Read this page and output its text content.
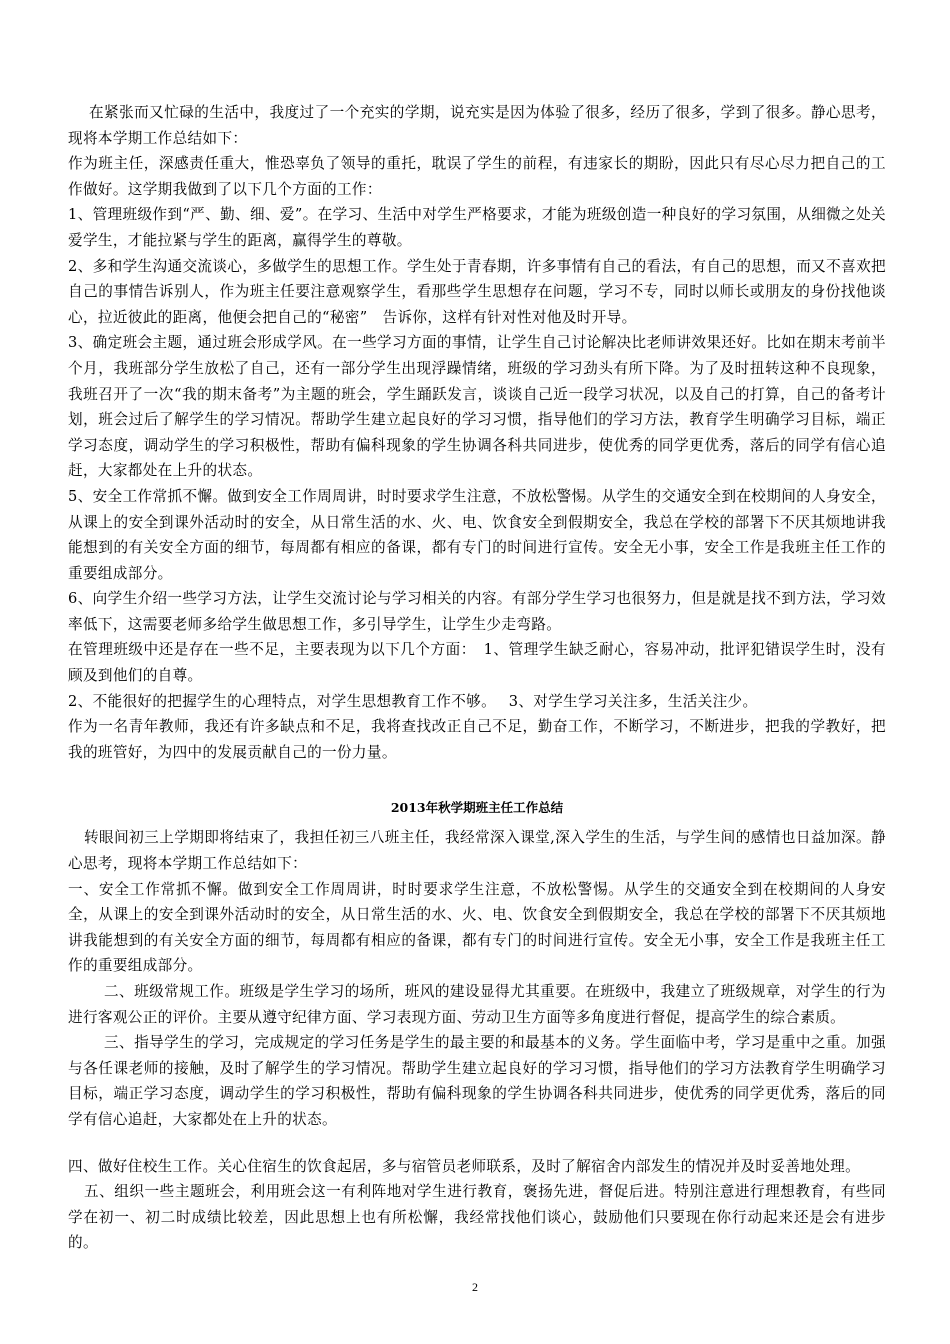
在紧张而又忙碌的生活中，我度过了一个充实的学期，说充实是因为体验了很多，经历了很多，学到了很多。静心思考，现将本学期工作总结如下：

作为班主任，深感责任重大，惟恐辜负了领导的重托，耽误了学生的前程，有违家长的期盼，因此只有尽心尽力把自己的工作做好。这学期我做到了以下几个方面的工作：

1、管理班级作到“严、勤、细、爱”。在学习、生活中对学生严格要求，才能为班级创造一种良好的学习氛围，从细微之处关爱学生，才能拉紧与学生的距离，赢得学生的尊敬。

2、多和学生沟通交流谈心，多做学生的思想工作。学生处于青春期，许多事情有自己的看法，有自己的思想，而又不喜欢把自己的事情告诉别人，作为班主任要注意观察学生，看那些学生思想存在问题，学习不专，同时以师长或朋友的身份找他谈心，拉近彼此的距离，他便会把自己的“秘密”　告诉你，这样有针对性对他及时开导。

3、确定班会主题，通过班会形成学风。在一些学习方面的事情，让学生自己讨论解决比老师讲效果还好。比如在期末考前半个月，我班部分学生放松了自己，还有一部分学生出现浮躁情绪，班级的学习劲头有所下降。为了及时扭转这种不良现象，我班召开了一次“我的期末备考”为主题的班会，学生踊跃发言，谈谈自己近一段学习状况，以及自己的打算，自己的备考计划，班会过后了解学生的学习情况。帮助学生建立起良好的学习习惯，指导他们的学习方法，教育学生明确学习目标，端正学习态度，调动学生的学习积极性，帮助有偏科现象的学生协调各科共同进步，使优秀的同学更优秀，落后的同学有信心追赶，大家都处在上升的状态。

5、安全工作常抓不懈。做到安全工作周周讲，时时要求学生注意，不放松警惕。从学生的交通安全到在校期间的人身安全，从课上的安全到课外活动时的安全，从日常生活的水、火、电、饮食安全到假期安全，我总在学校的部署下不厌其烦地讲我能想到的有关安全方面的细节，每周都有相应的备课，都有专门的时间进行宣传。安全无小事，安全工作是我班主任工作的重要组成部分。

6、向学生介绍一些学习方法，让学生交流讨论与学习相关的内容。有部分学生学习也很努力，但是就是找不到方法，学习效率低下，这需要老师多给学生做思想工作，多引导学生，让学生少走弯路。

在管理班级中还是存在一些不足，主要表现为以下几个方面：　1、管理学生缺乏耐心，容易冲动，批评犯错误学生时，没有顾及到他们的自尊。

2、不能很好的把握学生的心理特点，对学生思想教育工作不够。　 3、对学生学习关注多，生活关注少。

作为一名青年教师，我还有许多缺点和不足，我将查找改正自己不足，勤奋工作，不断学习，不断进步，把我的学教好，把我的班管好，为四中的发展贡献自己的一份力量。

2013年秋学期班主任工作总结

转眼间初三上学期即将结束了，我担任初三八班主任，我经常深入课堂,深入学生的生活，与学生间的感情也日益加深。静心思考，现将本学期工作总结如下：

一、安全工作常抓不懈。做到安全工作周周讲，时时要求学生注意，不放松警惕。从学生的交通安全到在校期间的人身安全，从课上的安全到课外活动时的安全，从日常生活的水、火、电、饮食安全到假期安全，我总在学校的部署下不厌其烦地讲我能想到的有关安全方面的细节，每周都有相应的备课，都有专门的时间进行宣传。安全无小事，安全工作是我班主任工作的重要组成部分。

二、班级常规工作。班级是学生学习的场所，班风的建设显得尤其重要。在班级中，我建立了班级规章，对学生的行为进行客观公正的评价。主要从遵守纪律方面、学习表现方面、劳动卫生方面等多角度进行督促，提高学生的综合素质。

三、指导学生的学习，完成规定的学习任务是学生的最主要的和最基本的义务。学生面临中考，学习是重中之重。加强与各任课老师的接触，及时了解学生的学习情况。帮助学生建立起良好的学习习惯，指导他们的学习方法教育学生明确学习目标，端正学习态度，调动学生的学习积极性，帮助有偏科现象的学生协调各科共同进步，使优秀的同学更优秀，落后的同学有信心追赶，大家都处在上升的状态。

四、做好住校生工作。关心住宿生的饮食起居，多与宿管员老师联系，及时了解宿舍内部发生的情况并及时妥善地处理。

五、组织一些主题班会，利用班会这一有利阵地对学生进行教育，褒扬先进，督促后进。特别注意进行理想教育，有些同学在初一、初二时成绩比较差，因此思想上也有所松懈，我经常找他们谈心，鼓励他们只要现在你行动起来还是会有进步的。

2
